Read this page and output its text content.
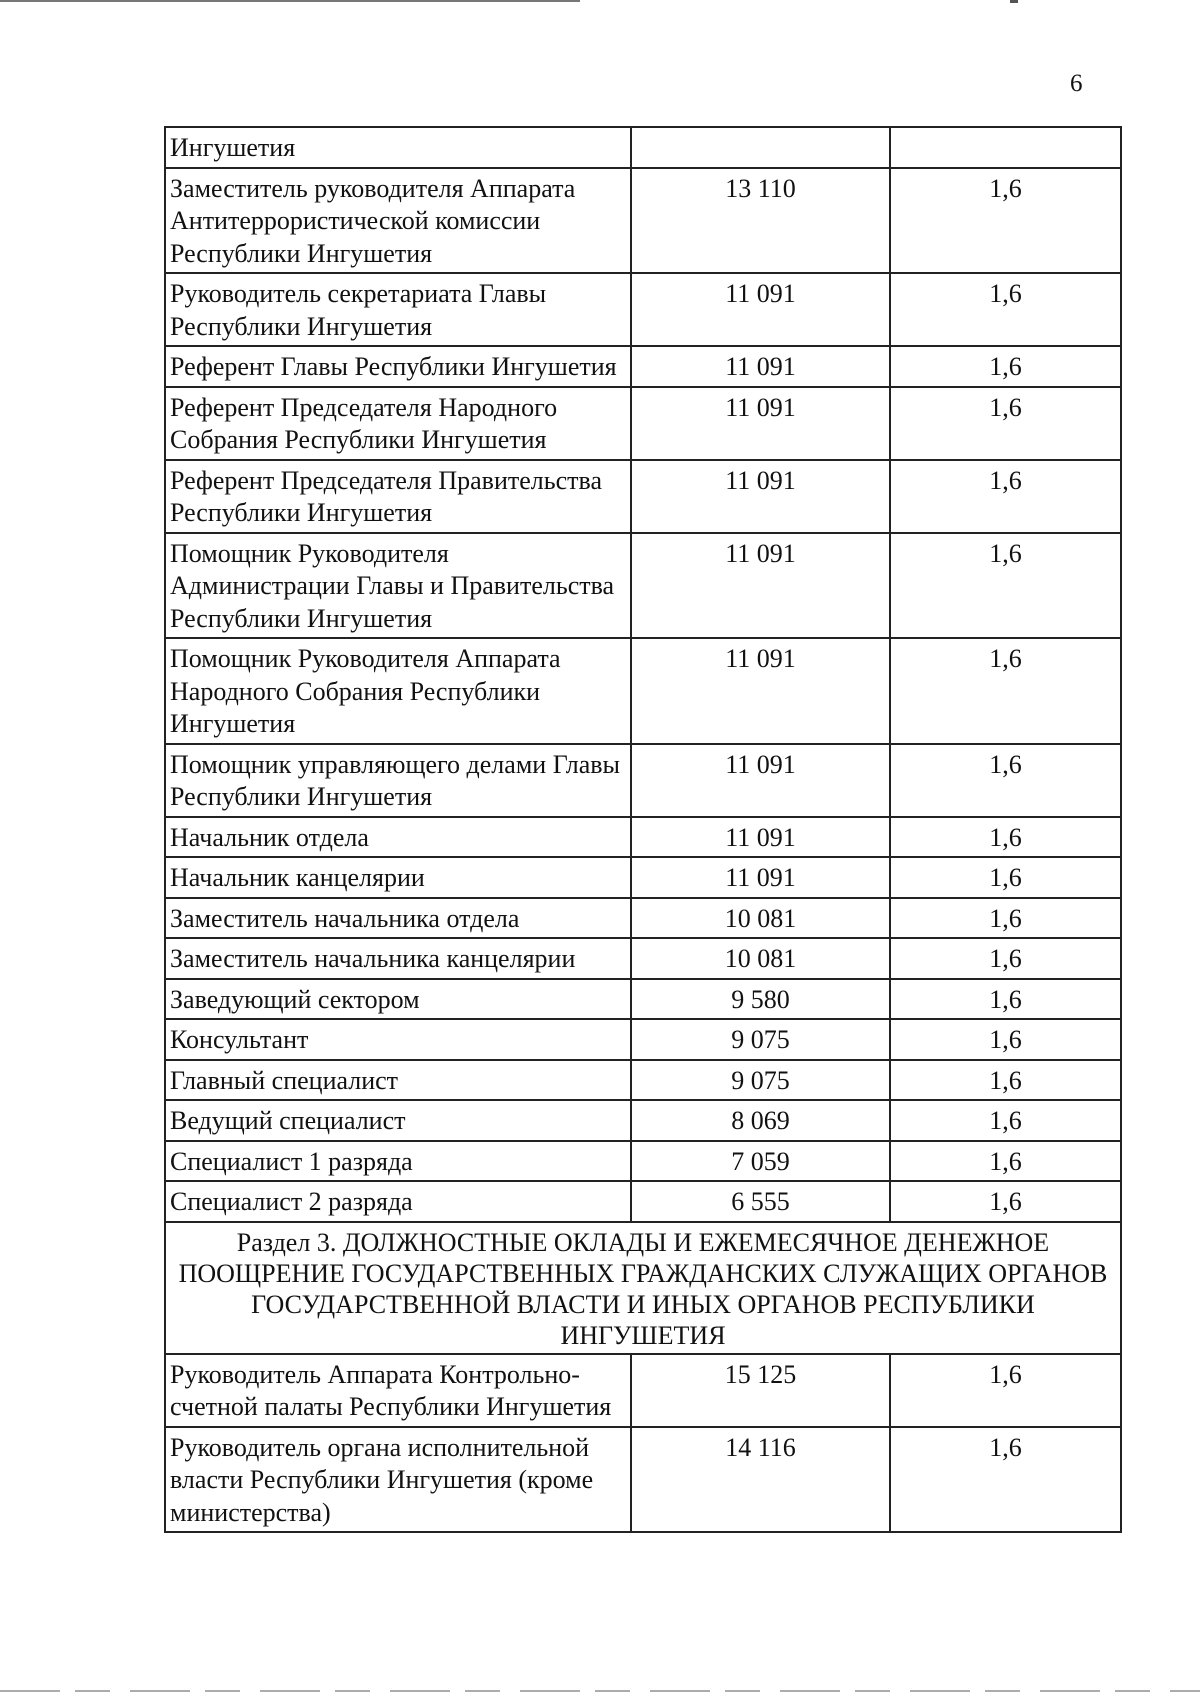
6
Ингушетия		
Заместитель руководителя Аппарата Антитеррористической комиссии Республики Ингушетия	13 110	1,6
Руководитель секретариата Главы Республики Ингушетия	11 091	1,6
Референт Главы Республики Ингушетия	11 091	1,6
Референт Председателя Народного Собрания Республики Ингушетия	11 091	1,6
Референт Председателя Правительства Республики Ингушетия	11 091	1,6
Помощник Руководителя Администрации Главы и Правительства Республики Ингушетия	11 091	1,6
Помощник Руководителя Аппарата Народного Собрания Республики Ингушетия	11 091	1,6
Помощник управляющего делами Главы Республики Ингушетия	11 091	1,6
Начальник отдела	11 091	1,6
Начальник канцелярии	11 091	1,6
Заместитель начальника отдела	10 081	1,6
Заместитель начальника канцелярии	10 081	1,6
Заведующий сектором	9 580	1,6
Консультант	9 075	1,6
Главный специалист	9 075	1,6
Ведущий специалист	8 069	1,6
Специалист 1 разряда	7 059	1,6
Специалист 2 разряда	6 555	1,6
Раздел 3. ДОЛЖНОСТНЫЕ ОКЛАДЫ И ЕЖЕМЕСЯЧНОЕ ДЕНЕЖНОЕ ПООЩРЕНИЕ ГОСУДАРСТВЕННЫХ ГРАЖДАНСКИХ СЛУЖАЩИХ ОРГАНОВ ГОСУДАРСТВЕННОЙ ВЛАСТИ И ИНЫХ ОРГАНОВ РЕСПУБЛИКИ ИНГУШЕТИЯ		
Руководитель Аппарата Контрольно-счетной палаты Республики Ингушетия	15 125	1,6
Руководитель органа исполнительной власти Республики Ингушетия (кроме министерства)	14 116	1,6
